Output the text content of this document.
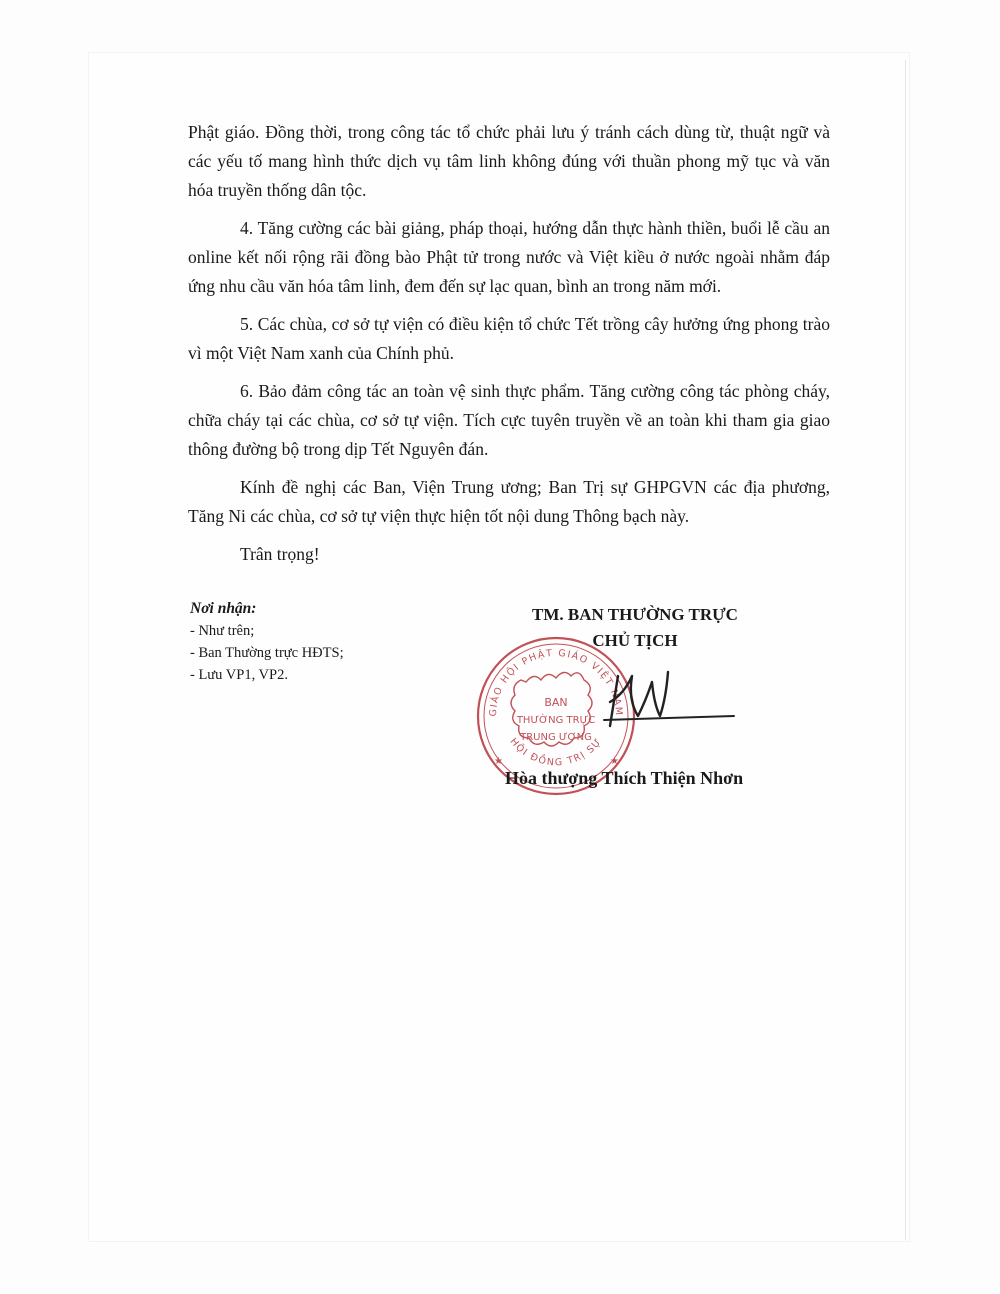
Phật giáo. Đồng thời, trong công tác tổ chức phải lưu ý tránh cách dùng từ, thuật ngữ và các yếu tố mang hình thức dịch vụ tâm linh không đúng với thuần phong mỹ tục và văn hóa truyền thống dân tộc.

4. Tăng cường các bài giảng, pháp thoại, hướng dẫn thực hành thiền, buổi lễ cầu an online kết nối rộng rãi đồng bào Phật tử trong nước và Việt kiều ở nước ngoài nhằm đáp ứng nhu cầu văn hóa tâm linh, đem đến sự lạc quan, bình an trong năm mới.

5. Các chùa, cơ sở tự viện có điều kiện tổ chức Tết trồng cây hưởng ứng phong trào vì một Việt Nam xanh của Chính phủ.

6. Bảo đảm công tác an toàn vệ sinh thực phẩm. Tăng cường công tác phòng cháy, chữa cháy tại các chùa, cơ sở tự viện. Tích cực tuyên truyền về an toàn khi tham gia giao thông đường bộ trong dịp Tết Nguyên đán.

Kính đề nghị các Ban, Viện Trung ương; Ban Trị sự GHPGVN các địa phương, Tăng Ni các chùa, cơ sở tự viện thực hiện tốt nội dung Thông bạch này.

Trân trọng!

Nơi nhận:
- Như trên;
- Ban Thường trực HĐTS;
- Lưu VP1, VP2.
TM. BAN THƯỜNG TRỰC
CHỦ TỊCH
GIÁO HỘI PHẬT GIÁO VIỆT NAM
HỘI ĐỒNG TRỊ SỰ
BAN
THƯỜNG TRỰC
TRUNG ƯƠNG
★	★
Hòa thượng Thích Thiện Nhơn
